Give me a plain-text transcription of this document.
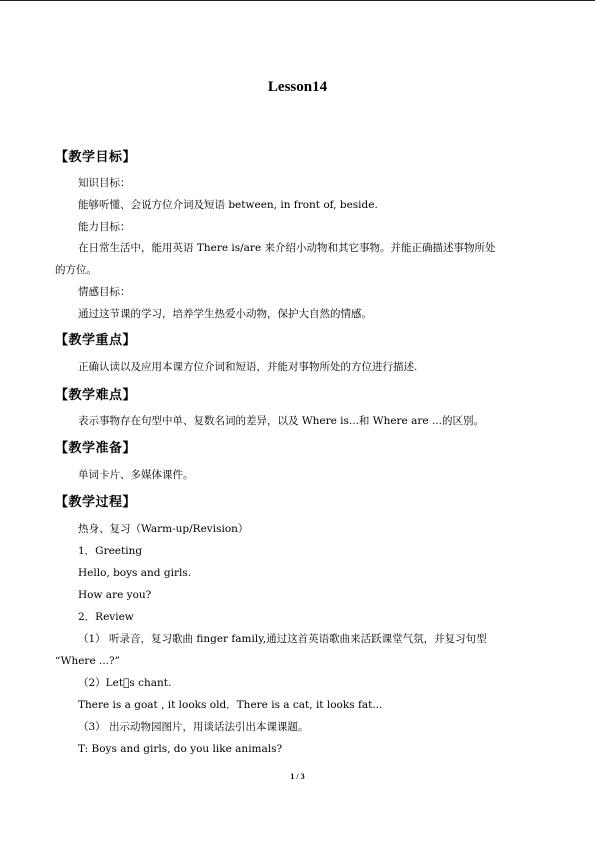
Lesson14
【教学目标】
知识目标：
能够听懂、会说方位介词及短语 between, in front of, beside.
能力目标：
在日常生活中，能用英语 There is/are 来介绍小动物和其它事物。并能正确描述事物所处
的方位。
情感目标：
通过这节课的学习，培养学生热爱小动物，保护大自然的情感。
【教学重点】
正确认读以及应用本课方位介词和短语，并能对事物所处的方位进行描述.
【教学难点】
表示事物存在句型中单、复数名词的差异，以及 Where is...和 Where are ...的区别。
【教学准备】
单词卡片、多媒体课件。
【教学过程】
热身、复习（Warm-up/Revision）
1．Greeting
Hello, boys and girls.
How are you?
2．Review
（1） 听录音，复习歌曲 finger family,通过这首英语歌曲来活跃课堂气氛，并复习句型
“Where ...?”
（2）Let s chant.
There is a goat , it looks old．There is a cat, it looks fat...
（3） 出示动物园图片，用谈话法引出本课课题。
T: Boys and girls, do you like animals?
1 / 3
